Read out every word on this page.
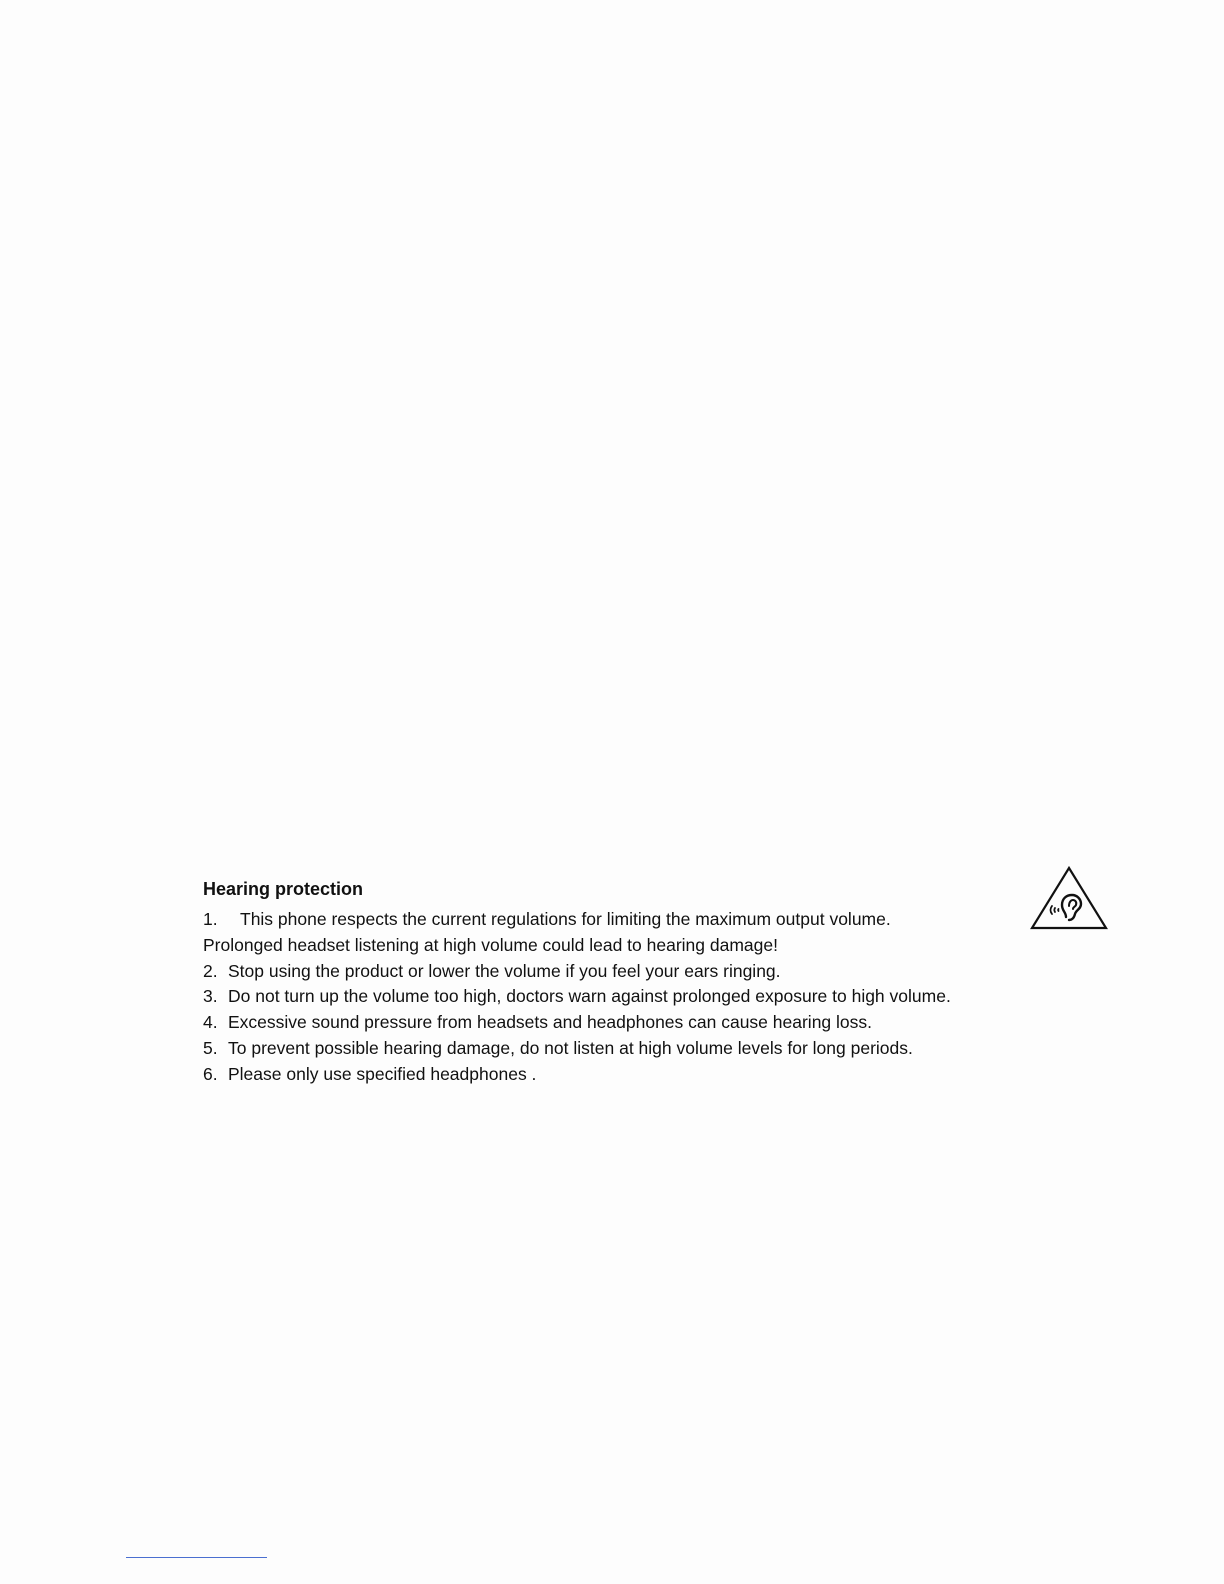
Hearing protection

1. This phone respects the current regulations for limiting the maximum output volume.

Prolonged headset listening at high volume could lead to hearing damage!

2. Stop using the product or lower the volume if you feel your ears ringing.

3. Do not turn up the volume too high, doctors warn against prolonged exposure to high volume.

4. Excessive sound pressure from headsets and headphones can cause hearing loss.

5. To prevent possible hearing damage, do not listen at high volume levels for long periods.

6. Please only use specified headphones .
